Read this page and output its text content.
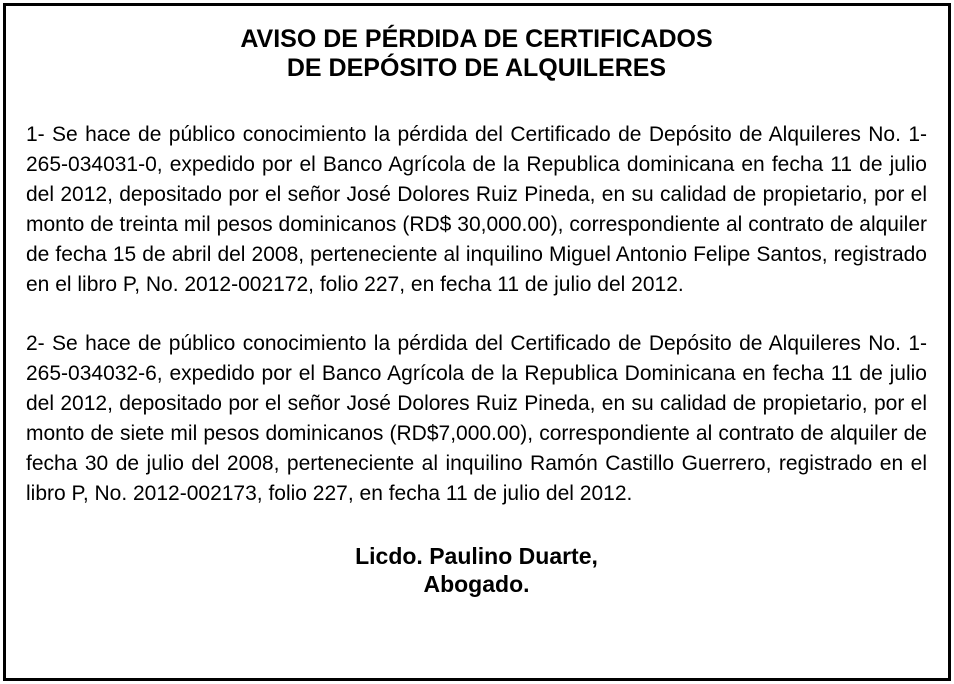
AVISO DE PÉRDIDA DE CERTIFICADOS
DE DEPÓSITO DE ALQUILERES

1- Se hace de público conocimiento la pérdida del Certificado de Depósito de Alquileres No. 1-265-034031-0, expedido por el Banco Agrícola de la Republica dominicana en fecha 11 de julio del 2012, depositado por el señor José Dolores Ruiz Pineda, en su calidad de propietario, por el monto de treinta mil pesos dominicanos (RD$ 30,000.00), correspondiente al contrato de alquiler de fecha 15 de abril del 2008, perteneciente al inquilino Miguel Antonio Felipe Santos, registrado en el libro P, No. 2012-002172, folio 227, en fecha 11 de julio del 2012.

2- Se hace de público conocimiento la pérdida del Certificado de Depósito de Alquileres No. 1-265-034032-6, expedido por el Banco Agrícola de la Republica Dominicana en fecha 11 de julio del 2012, depositado por el señor José Dolores Ruiz Pineda, en su calidad de propietario, por el monto de siete mil pesos dominicanos (RD$7,000.00), correspondiente al contrato de alquiler de fecha 30 de julio del 2008, perteneciente al inquilino Ramón Castillo Guerrero, registrado en el libro P, No. 2012-002173, folio 227, en fecha 11 de julio del 2012.

Licdo. Paulino Duarte,
Abogado.
